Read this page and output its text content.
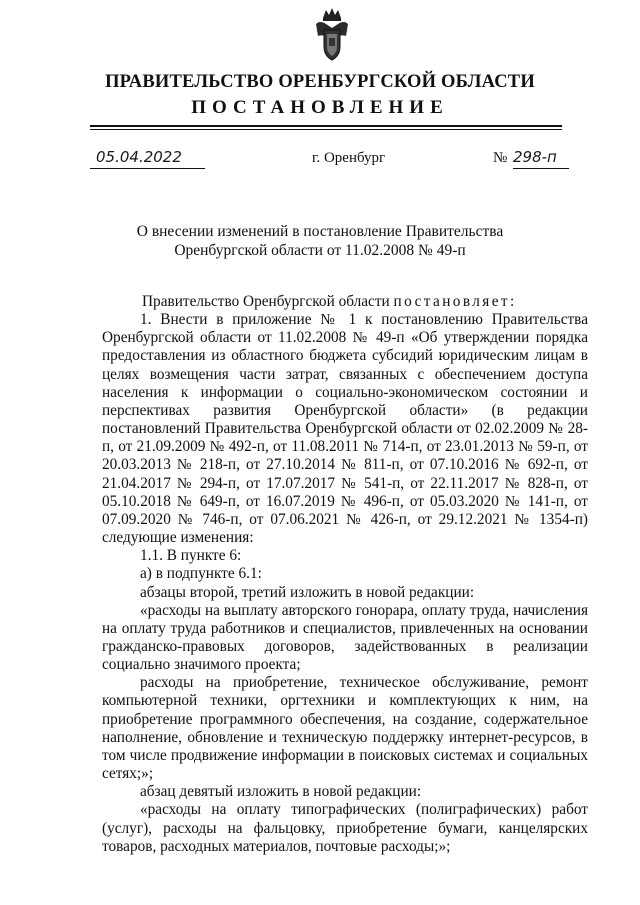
ПРАВИТЕЛЬСТВО ОРЕНБУРГСКОЙ ОБЛАСТИ
ПОСТАНОВЛЕНИЕ
05.04.2022	г. Оренбург	№ 298-п
О внесении изменений в постановление Правительства
Оренбургской области от 11.02.2008 № 49-п

Правительство Оренбургской области постановляет:

1. Внести в приложение № 1 к постановлению Правительства Оренбургской области от 11.02.2008 № 49-п «Об утверждении порядка предоставления из областного бюджета субсидий юридическим лицам в целях возмещения части затрат, связанных с обеспечением доступа населения к информации о социально-экономическом состоянии и перспективах развития Оренбургской области» (в редакции постановлений Правительства Оренбургской области от 02.02.2009 № 28-п, от 21.09.2009 № 492-п, от 11.08.2011 № 714-п, от 23.01.2013 № 59-п, от 20.03.2013 № 218-п, от 27.10.2014 № 811-п, от 07.10.2016 № 692-п, от 21.04.2017 № 294-п, от 17.07.2017 № 541-п, от 22.11.2017 № 828-п, от 05.10.2018 № 649-п, от 16.07.2019 № 496-п, от 05.03.2020 № 141-п, от 07.09.2020 № 746-п, от 07.06.2021 № 426-п, от 29.12.2021 № 1354-п) следующие изменения:

1.1. В пункте 6:

а) в подпункте 6.1:

абзацы второй, третий изложить в новой редакции:

«расходы на выплату авторского гонорара, оплату труда, начисления на оплату труда работников и специалистов, привлеченных на основании гражданско-правовых договоров, задействованных в реализации социально значимого проекта;

расходы на приобретение, техническое обслуживание, ремонт компьютерной техники, оргтехники и комплектующих к ним, на приобретение программного обеспечения, на создание, содержательное наполнение, обновление и техническую поддержку интернет-ресурсов, в том числе продвижение информации в поисковых системах и социальных сетях;»;

абзац девятый изложить в новой редакции:

«расходы на оплату типографических (полиграфических) работ (услуг), расходы на фальцовку, приобретение бумаги, канцелярских товаров, расходных материалов, почтовые расходы;»;
